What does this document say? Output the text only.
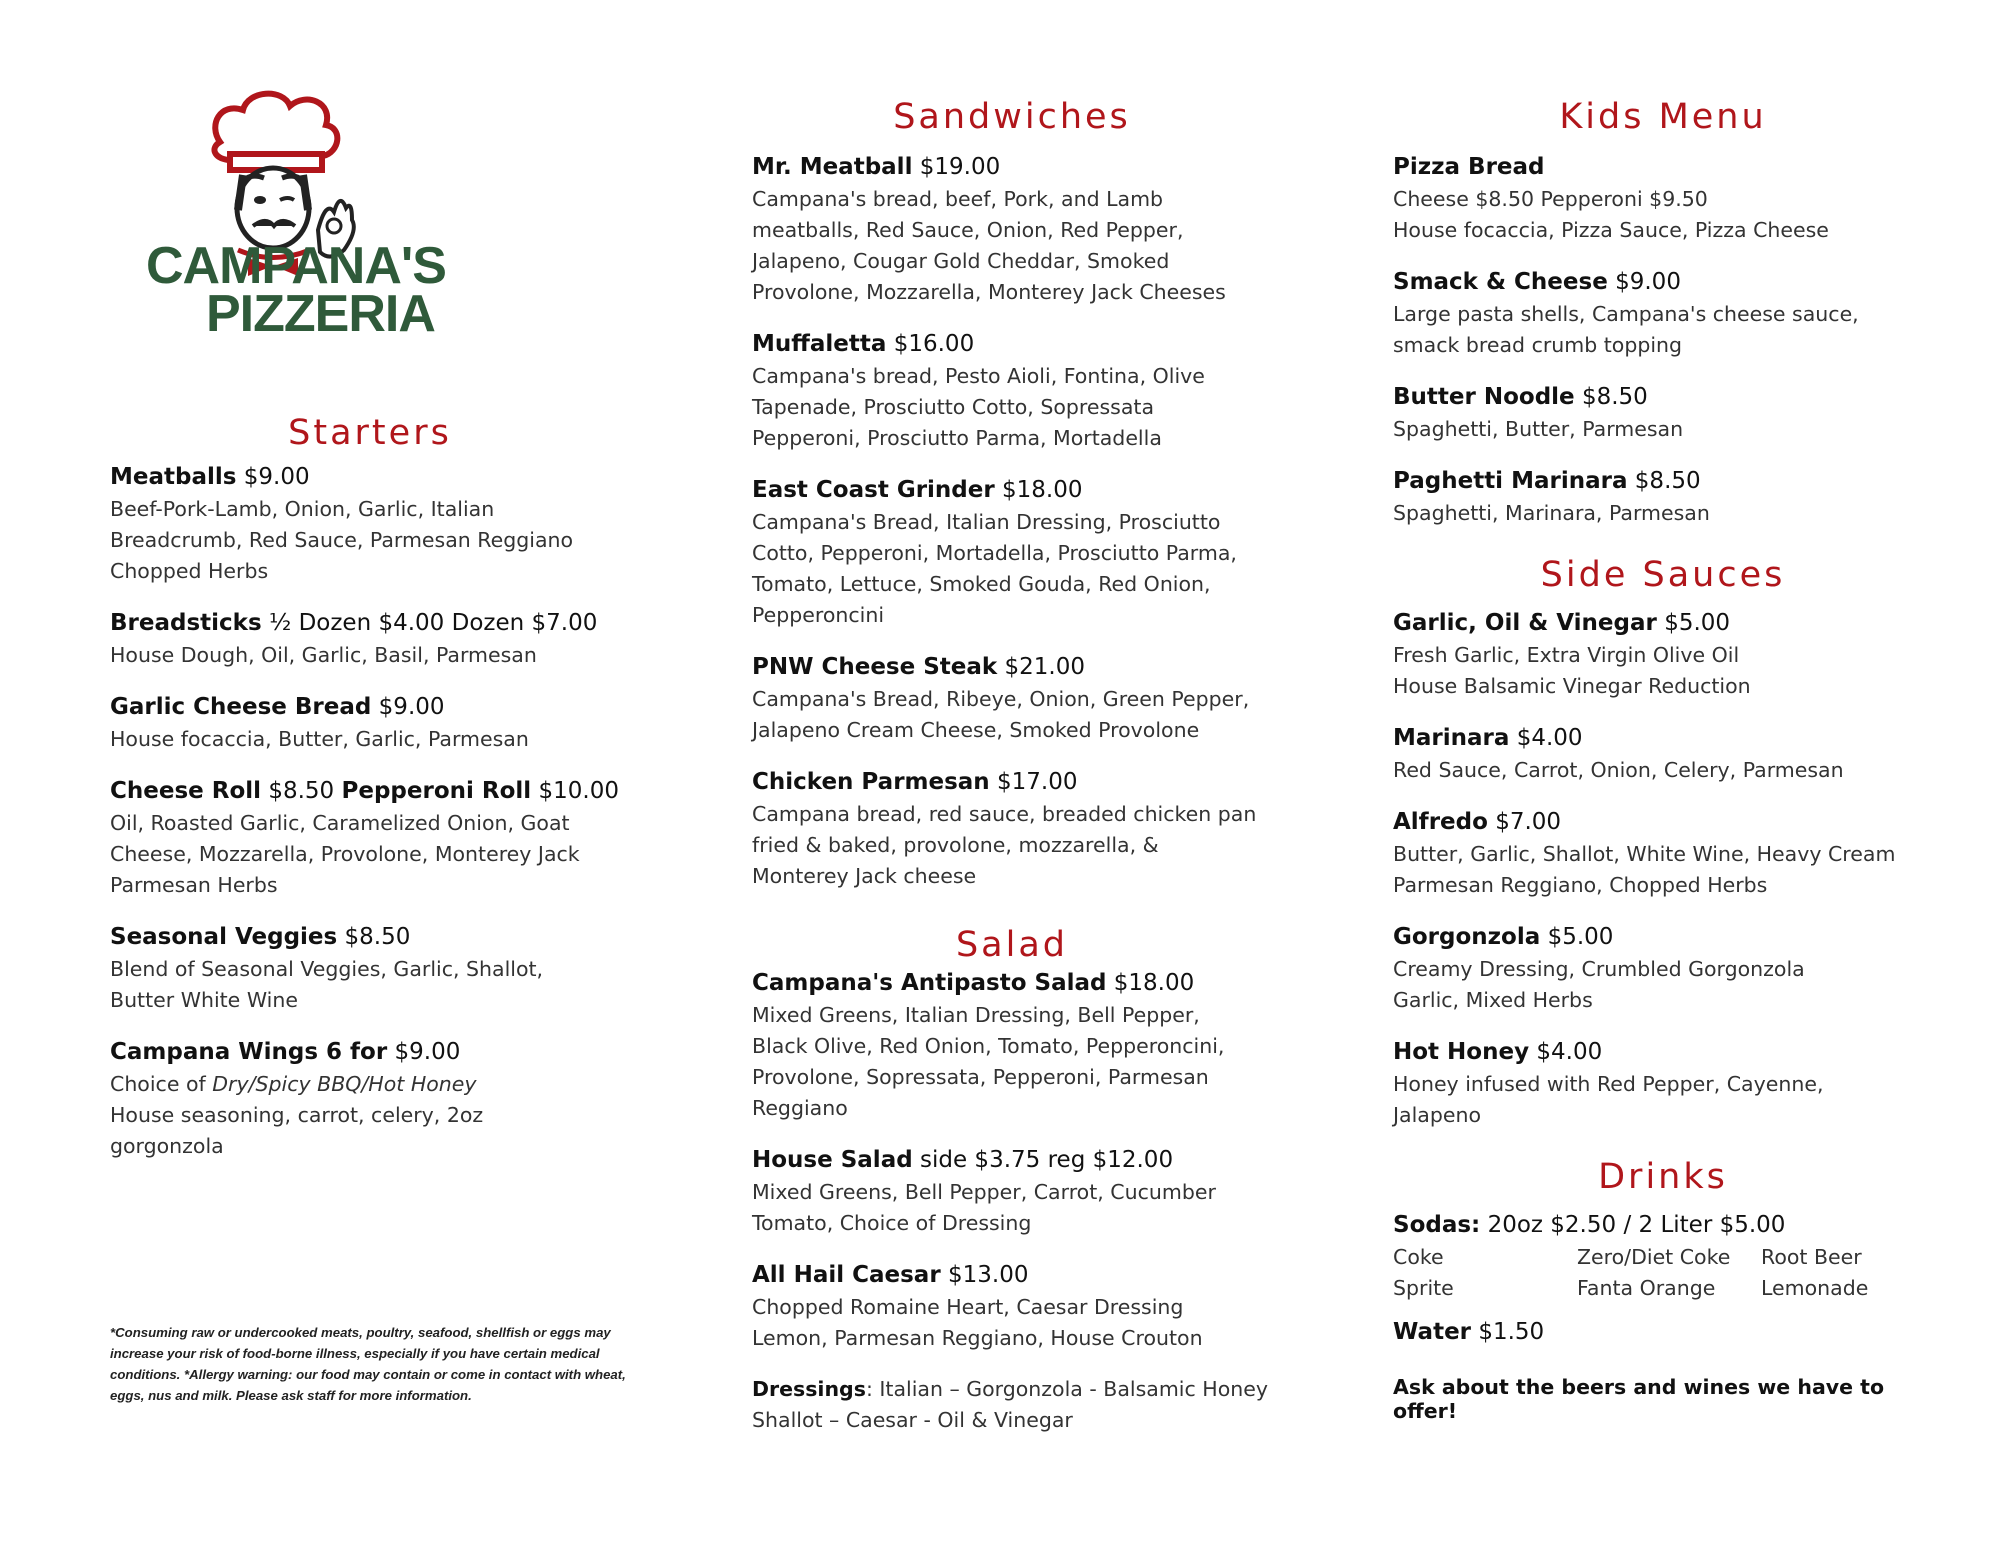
CAMPANA'S
PIZZERIA
Starters
Meatballs $9.00
Beef-Pork-Lamb, Onion, Garlic, Italian
Breadcrumb, Red Sauce, Parmesan Reggiano
Chopped Herbs
Breadsticks ½ Dozen $4.00 Dozen $7.00
House Dough, Oil, Garlic, Basil, Parmesan
Garlic Cheese Bread $9.00
House focaccia, Butter, Garlic, Parmesan
Cheese Roll $8.50 Pepperoni Roll $10.00
Oil, Roasted Garlic, Caramelized Onion, Goat
Cheese, Mozzarella, Provolone, Monterey Jack
Parmesan Herbs
Seasonal Veggies $8.50
Blend of Seasonal Veggies, Garlic, Shallot,
Butter White Wine
Campana Wings 6 for $9.00
Choice of Dry/Spicy BBQ/Hot Honey
House seasoning, carrot, celery, 2oz
gorgonzola
*Consuming raw or undercooked meats, poultry, seafood, shellfish or eggs may increase your risk of food-borne illness, especially if you have certain medical conditions. *Allergy warning: our food may contain or come in contact with wheat, eggs, nus and milk. Please ask staff for more information.
Sandwiches
Mr. Meatball $19.00
Campana's bread, beef, Pork, and Lamb
meatballs, Red Sauce, Onion, Red Pepper,
Jalapeno, Cougar Gold Cheddar, Smoked
Provolone, Mozzarella, Monterey Jack Cheeses
Muffaletta $16.00
Campana's bread, Pesto Aioli, Fontina, Olive
Tapenade, Prosciutto Cotto, Sopressata
Pepperoni, Prosciutto Parma, Mortadella
East Coast Grinder $18.00
Campana's Bread, Italian Dressing, Prosciutto
Cotto, Pepperoni, Mortadella, Prosciutto Parma,
Tomato, Lettuce, Smoked Gouda, Red Onion,
Pepperoncini
PNW Cheese Steak $21.00
Campana's Bread, Ribeye, Onion, Green Pepper,
Jalapeno Cream Cheese, Smoked Provolone
Chicken Parmesan $17.00
Campana bread, red sauce, breaded chicken pan
fried & baked, provolone, mozzarella, &
Monterey Jack cheese
Salad
Campana's Antipasto Salad $18.00
Mixed Greens, Italian Dressing, Bell Pepper,
Black Olive, Red Onion, Tomato, Pepperoncini,
Provolone, Sopressata, Pepperoni, Parmesan
Reggiano
House Salad side $3.75 reg $12.00
Mixed Greens, Bell Pepper, Carrot, Cucumber
Tomato, Choice of Dressing
All Hail Caesar $13.00
Chopped Romaine Heart, Caesar Dressing
Lemon, Parmesan Reggiano, House Crouton
Dressings: Italian – Gorgonzola - Balsamic Honey
Shallot – Caesar - Oil & Vinegar
Kids Menu
Pizza Bread
Cheese $8.50 Pepperoni $9.50
House focaccia, Pizza Sauce, Pizza Cheese
Smack & Cheese $9.00
Large pasta shells, Campana's cheese sauce,
smack bread crumb topping
Butter Noodle $8.50
Spaghetti, Butter, Parmesan
Paghetti Marinara $8.50
Spaghetti, Marinara, Parmesan
Side Sauces
Garlic, Oil & Vinegar $5.00
Fresh Garlic, Extra Virgin Olive Oil
House Balsamic Vinegar Reduction
Marinara $4.00
Red Sauce, Carrot, Onion, Celery, Parmesan
Alfredo $7.00
Butter, Garlic, Shallot, White Wine, Heavy Cream
Parmesan Reggiano, Chopped Herbs
Gorgonzola $5.00
Creamy Dressing, Crumbled Gorgonzola
Garlic, Mixed Herbs
Hot Honey $4.00
Honey infused with Red Pepper, Cayenne,
Jalapeno
Drinks
Sodas: 20oz $2.50 / 2 Liter $5.00
Coke	Zero/Diet Coke	Root Beer
Sprite	Fanta Orange	Lemonade
Water $1.50
Ask about the beers and wines we have to offer!
